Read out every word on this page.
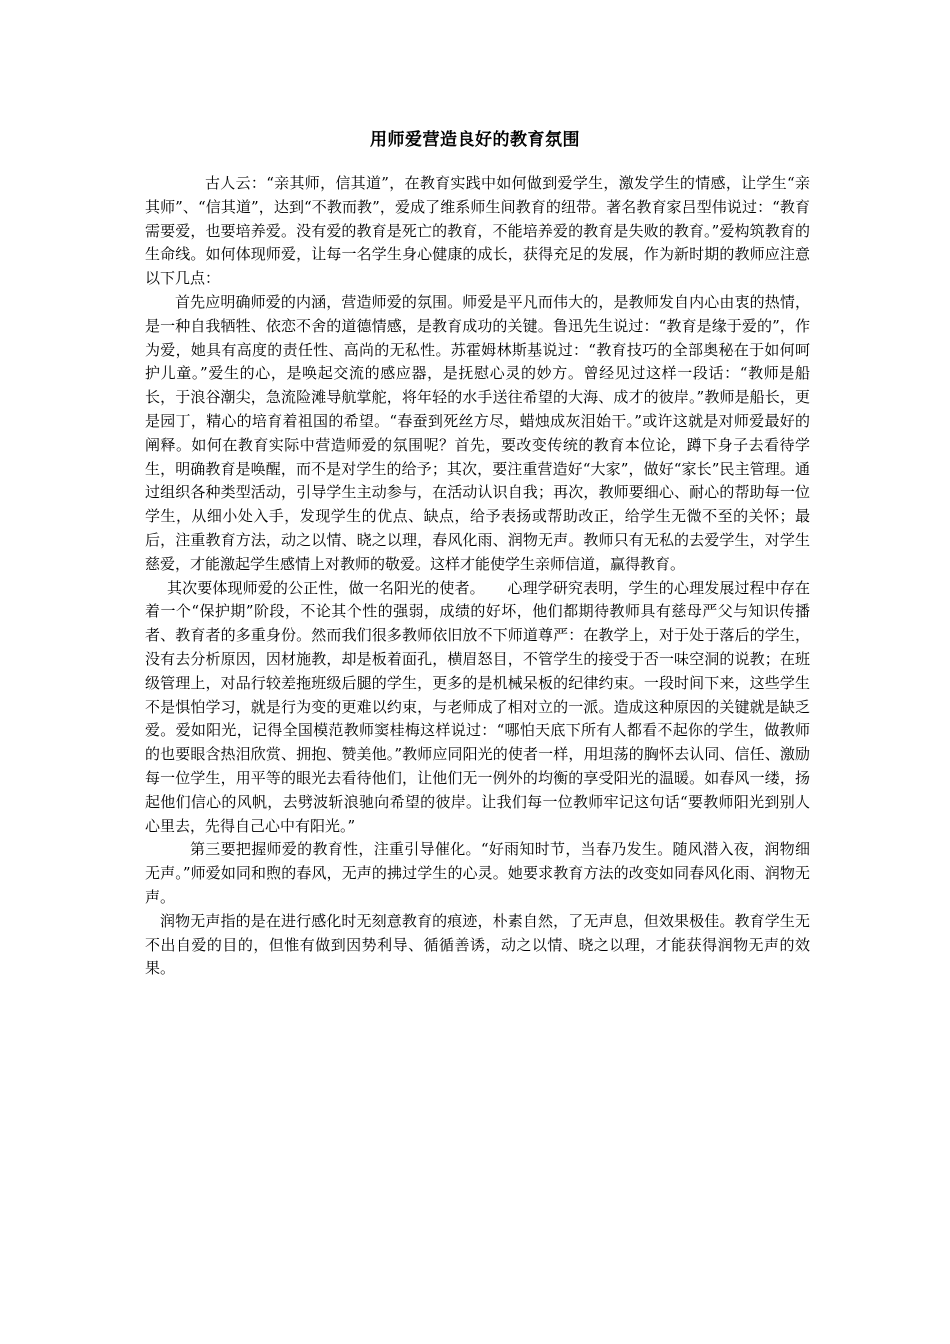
用师爱营造良好的教育氛围

古人云：“亲其师，信其道”，在教育实践中如何做到爱学生，激发学生的情感，让学生“亲其师”、“信其道”，达到“不教而教”，爱成了维系师生间教育的纽带。著名教育家吕型伟说过：“教育需要爱，也要培养爱。没有爱的教育是死亡的教育，不能培养爱的教育是失败的教育。”爱构筑教育的生命线。如何体现师爱，让每一名学生身心健康的成长，获得充足的发展，作为新时期的教师应注意以下几点：

首先应明确师爱的内涵，营造师爱的氛围。师爱是平凡而伟大的，是教师发自内心由衷的热情，是一种自我牺牲、依恋不舍的道德情感，是教育成功的关键。鲁迅先生说过：“教育是缘于爱的”，作为爱，她具有高度的责任性、高尚的无私性。苏霍姆林斯基说过：“教育技巧的全部奥秘在于如何呵护儿童。”爱生的心，是唤起交流的感应器，是抚慰心灵的妙方。曾经见过这样一段话：“教师是船长，于浪谷潮尖，急流险滩导航掌舵，将年轻的水手送往希望的大海、成才的彼岸。”教师是船长，更是园丁，精心的培育着祖国的希望。“春蚕到死丝方尽，蜡烛成灰泪始干。”或许这就是对师爱最好的阐释。如何在教育实际中营造师爱的氛围呢？首先，要改变传统的教育本位论，蹲下身子去看待学生，明确教育是唤醒，而不是对学生的给予；其次，要注重营造好“大家”，做好“家长”民主管理。通过组织各种类型活动，引导学生主动参与，在活动认识自我；再次，教师要细心、耐心的帮助每一位学生，从细小处入手，发现学生的优点、缺点，给予表扬或帮助改正，给学生无微不至的关怀；最后，注重教育方法，动之以情、晓之以理，春风化雨、润物无声。教师只有无私的去爱学生，对学生慈爱，才能激起学生感情上对教师的敬爱。这样才能使学生亲师信道，赢得教育。

其次要体现师爱的公正性，做一名阳光的使者。　　心理学研究表明，学生的心理发展过程中存在着一个“保护期”阶段，不论其个性的强弱，成绩的好坏，他们都期待教师具有慈母严父与知识传播者、教育者的多重身份。然而我们很多教师依旧放不下师道尊严：在教学上，对于处于落后的学生，没有去分析原因，因材施教，却是板着面孔，横眉怒目，不管学生的接受于否一味空洞的说教；在班级管理上，对品行较差拖班级后腿的学生，更多的是机械呆板的纪律约束。一段时间下来，这些学生不是惧怕学习，就是行为变的更难以约束，与老师成了相对立的一派。造成这种原因的关键就是缺乏爱。爱如阳光，记得全国模范教师窦桂梅这样说过：“哪怕天底下所有人都看不起你的学生，做教师的也要眼含热泪欣赏、拥抱、赞美他。”教师应同阳光的使者一样，用坦荡的胸怀去认同、信任、激励每一位学生，用平等的眼光去看待他们，让他们无一例外的均衡的享受阳光的温暖。如春风一缕，扬起他们信心的风帆，去劈波斩浪驰向希望的彼岸。让我们每一位教师牢记这句话“要教师阳光到别人心里去，先得自己心中有阳光。”

第三要把握师爱的教育性，注重引导催化。“好雨知时节，当春乃发生。随风潜入夜，润物细无声。”师爱如同和煦的春风，无声的拂过学生的心灵。她要求教育方法的改变如同春风化雨、润物无声。

润物无声指的是在进行感化时无刻意教育的痕迹，朴素自然，了无声息，但效果极佳。教育学生无不出自爱的目的，但惟有做到因势利导、循循善诱，动之以情、晓之以理，才能获得润物无声的效果。
